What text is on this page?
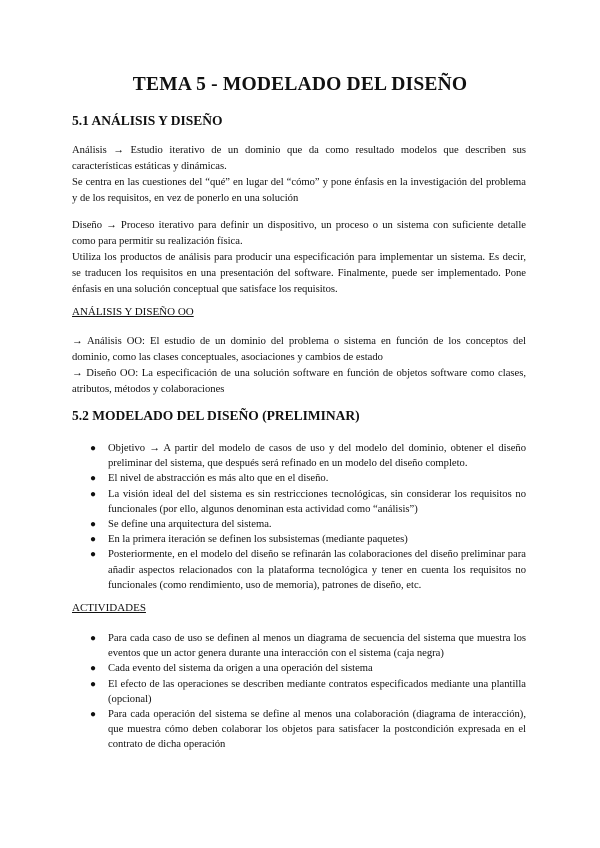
TEMA 5 - MODELADO DEL DISEÑO
5.1 ANÁLISIS Y DISEÑO

Análisis → Estudio iterativo de un dominio que da como resultado modelos que describen sus características estáticas y dinámicas.

Se centra en las cuestiones del “qué” en lugar del “cómo” y pone énfasis en la investigación del problema y de los requisitos, en vez de ponerlo en una solución

Diseño → Proceso iterativo para definir un dispositivo, un proceso o un sistema con suficiente detalle como para permitir su realización física.

Utiliza los productos de análisis para producir una especificación para implementar un sistema. Es decir, se traducen los requisitos en una presentación del software. Finalmente, puede ser implementado. Pone énfasis en una solución conceptual que satisface los requisitos.

ANÁLISIS Y DISEÑO OO

→ Análisis OO: El estudio de un dominio del problema o sistema en función de los conceptos del dominio, como las clases conceptuales, asociaciones y cambios de estado

→ Diseño OO: La especificación de una solución software en función de objetos software como clases, atributos, métodos y colaboraciones

5.2 MODELADO DEL DISEÑO (PRELIMINAR)
● Objetivo → A partir del modelo de casos de uso y del modelo del dominio, obtener el diseño preliminar del sistema, que después será refinado en un modelo del diseño completo.
● El nivel de abstracción es más alto que en el diseño.
● La visión ideal del del sistema es sin restricciones tecnológicas, sin considerar los requisitos no funcionales (por ello, algunos denominan esta actividad como “análisis”)
● Se define una arquitectura del sistema.
● En la primera iteración se definen los subsistemas (mediante paquetes)
● Posteriormente, en el modelo del diseño se refinarán las colaboraciones del diseño preliminar para añadir aspectos relacionados con la plataforma tecnológica y tener en cuenta los requisitos no funcionales (como rendimiento, uso de memoria), patrones de diseño, etc.
ACTIVIDADES
● Para cada caso de uso se definen al menos un diagrama de secuencia del sistema que muestra los eventos que un actor genera durante una interacción con el sistema (caja negra)
● Cada evento del sistema da origen a una operación del sistema
● El efecto de las operaciones se describen mediante contratos especificados mediante una plantilla (opcional)
● Para cada operación del sistema se define al menos una colaboración (diagrama de interacción), que muestra cómo deben colaborar los objetos para satisfacer la postcondición expresada en el contrato de dicha operación
